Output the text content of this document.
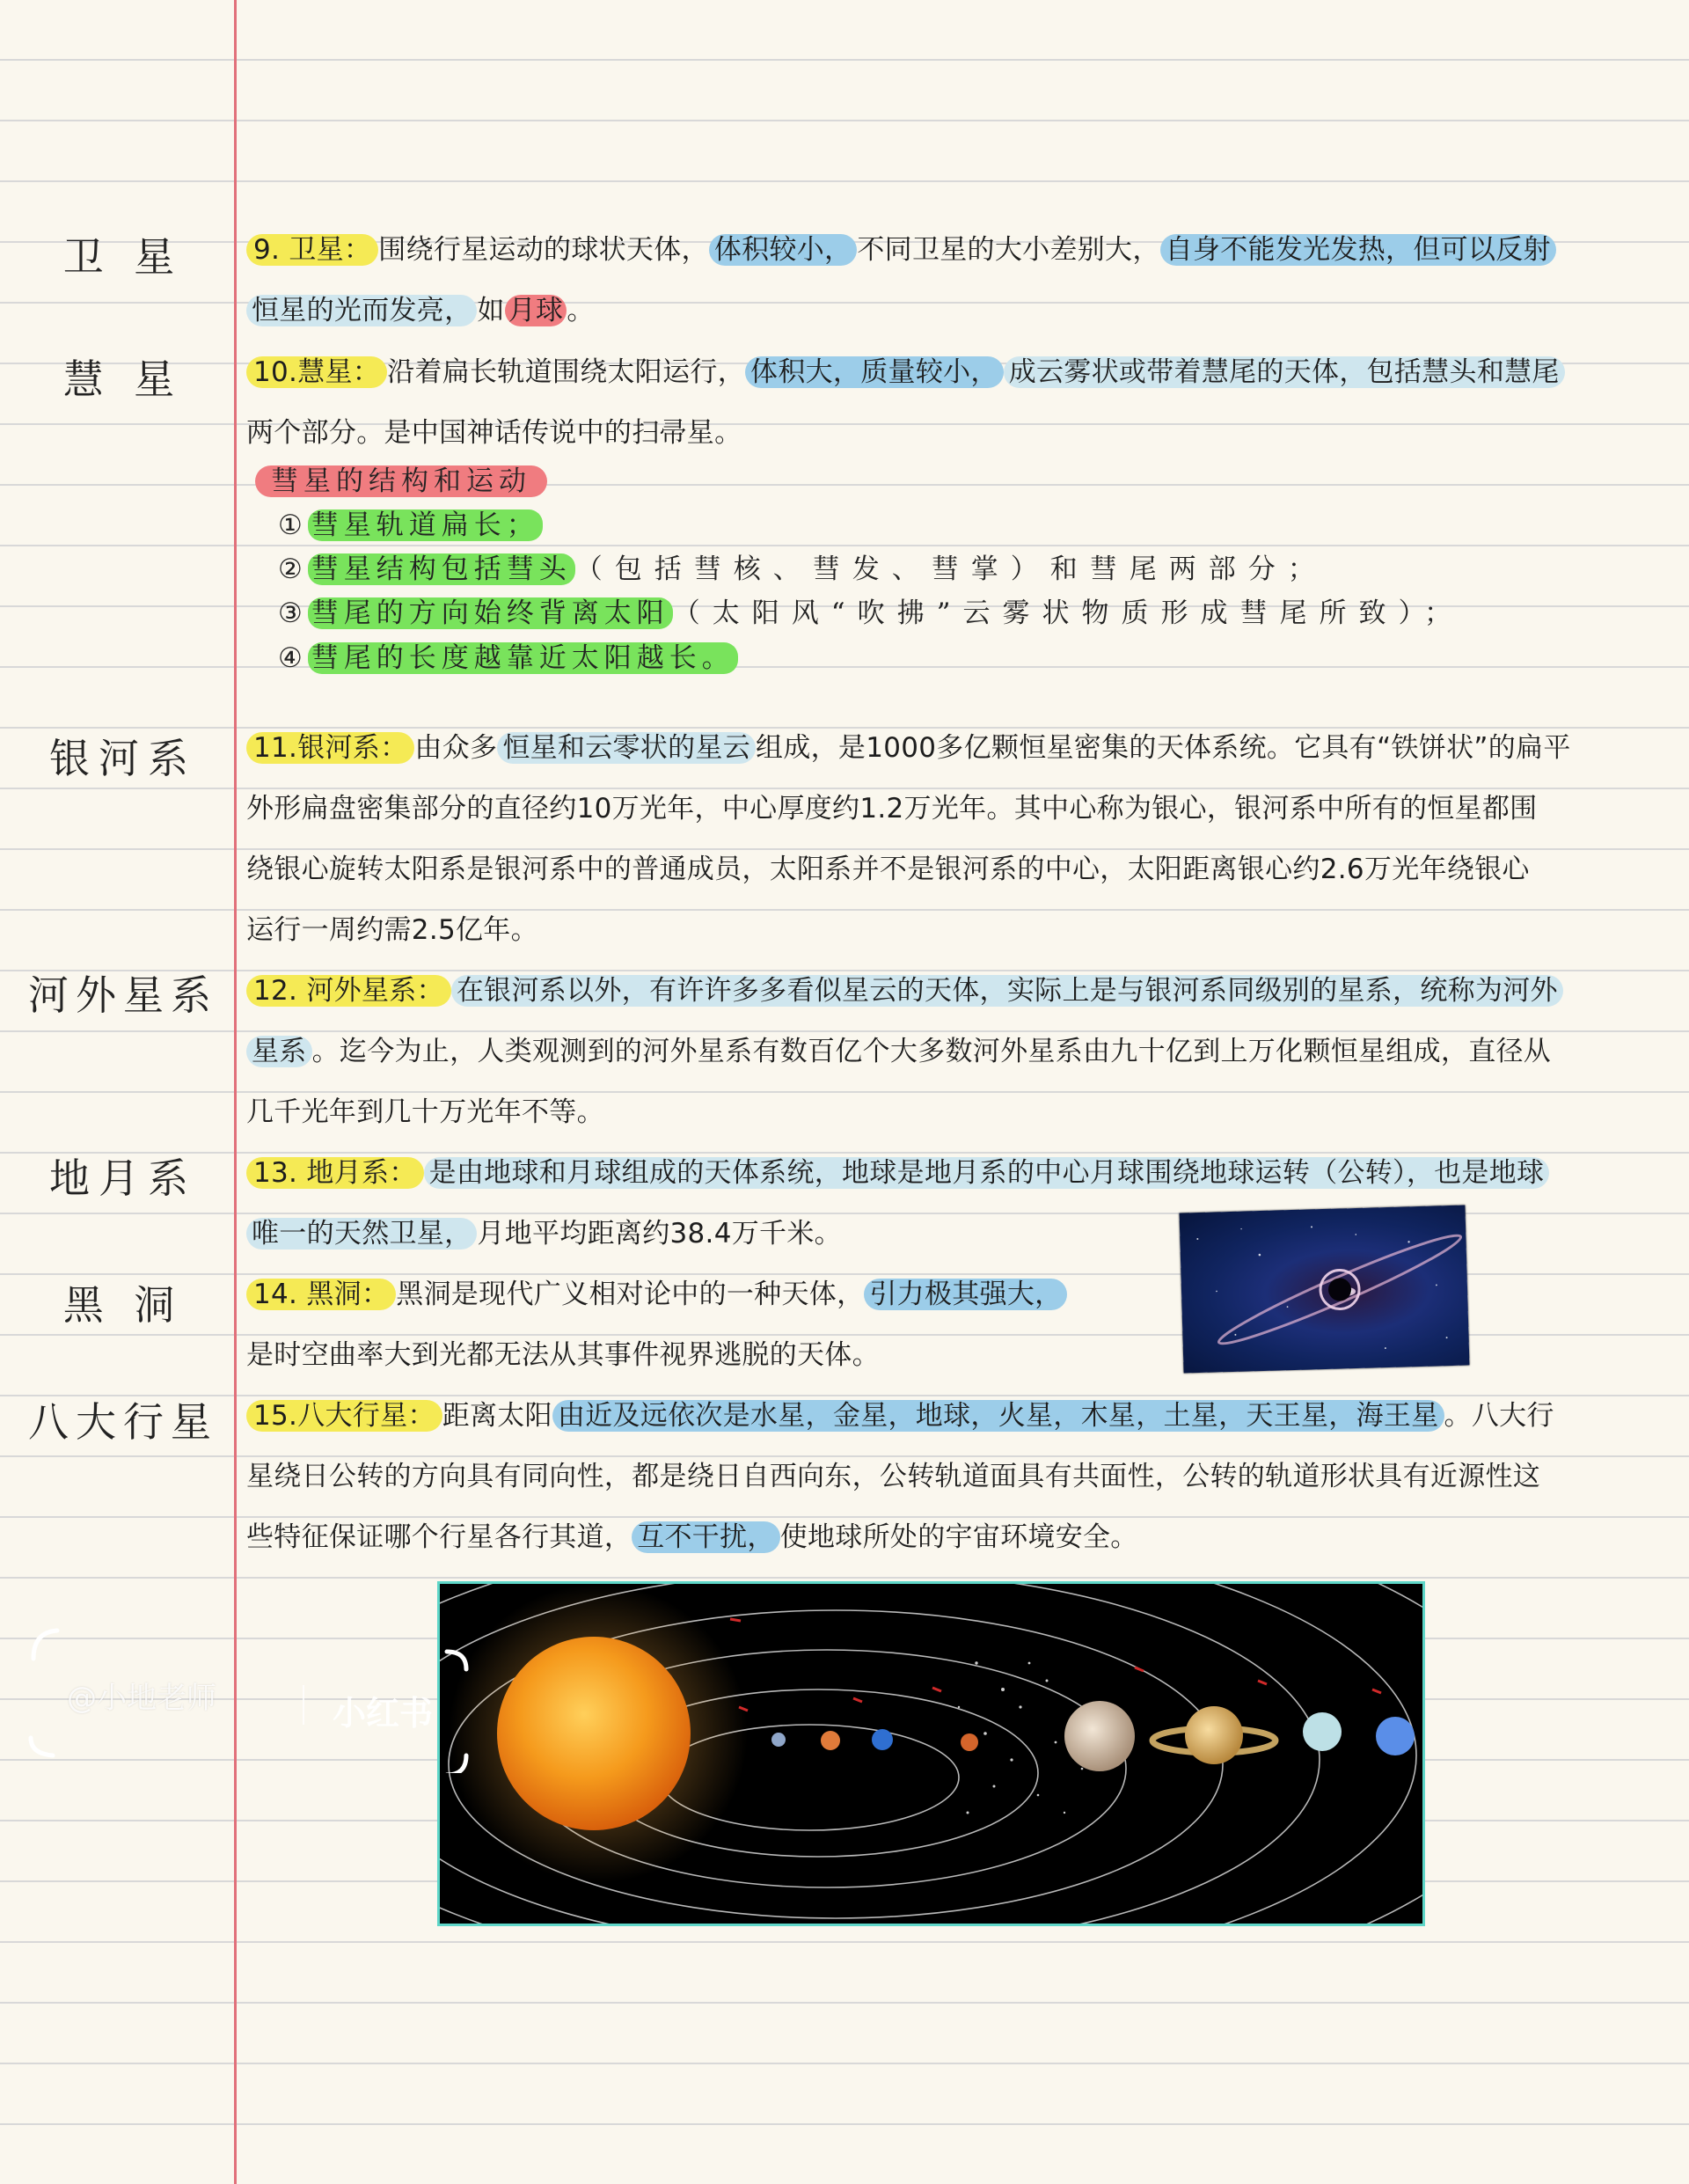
卫 星
慧 星
银河系
河外星系
地月系
黑 洞
八大行星
9. 卫星： 围绕行星运动的球状天体， 体积较小， 不同卫星的大小差别大， 自身不能发光发热，但可以反射
恒星的光而发亮， 如 月球 。
10.慧星： 沿着扁长轨道围绕太阳运行， 体积大，质量较小， 成云雾状或带着慧尾的天体，包括慧头和慧尾
两个部分。是中国神话传说中的扫帚星。
彗星的结构和运动
① 彗星轨道扁长；
② 彗星结构包括彗头 （包括彗核、彗发、彗掌）和彗尾两部分；
③ 彗尾的方向始终背离太阳 （太阳风“吹拂”云雾状物质形成彗尾所致）；
④ 彗尾的长度越靠近太阳越长。
11.银河系： 由众多 恒星和云零状的星云 组成，是1000多亿颗恒星密集的天体系统。它具有“铁饼状”的扁平
外形扁盘密集部分的直径约10万光年，中心厚度约1.2万光年。其中心称为银心，银河系中所有的恒星都围
绕银心旋转太阳系是银河系中的普通成员，太阳系并不是银河系的中心，太阳距离银心约2.6万光年绕银心
运行一周约需2.5亿年。
12. 河外星系： 在银河系以外，有许许多多看似星云的天体，实际上是与银河系同级别的星系，统称为河外
星系 。迄今为止，人类观测到的河外星系有数百亿个大多数河外星系由九十亿到上万化颗恒星组成，直径从
几千光年到几十万光年不等。
13. 地月系： 是由地球和月球组成的天体系统，地球是地月系的中心月球围绕地球运转（公转），也是地球
唯一的天然卫星， 月地平均距离约38.4万千米。
14. 黑洞： 黑洞是现代广义相对论中的一种天体， 引力极其强大，
是时空曲率大到光都无法从其事件视界逃脱的天体。
15.八大行星： 距离太阳 由近及远依次是水星，金星，地球，火星，木星，土星，天王星，海王星 。八大行
星绕日公转的方向具有同向性，都是绕日自西向东，公转轨道面具有共面性，公转的轨道形状具有近源性这
些特征保证哪个行星各行其道， 互不干扰， 使地球所处的宇宙环境安全。
@小地老师	小红书
